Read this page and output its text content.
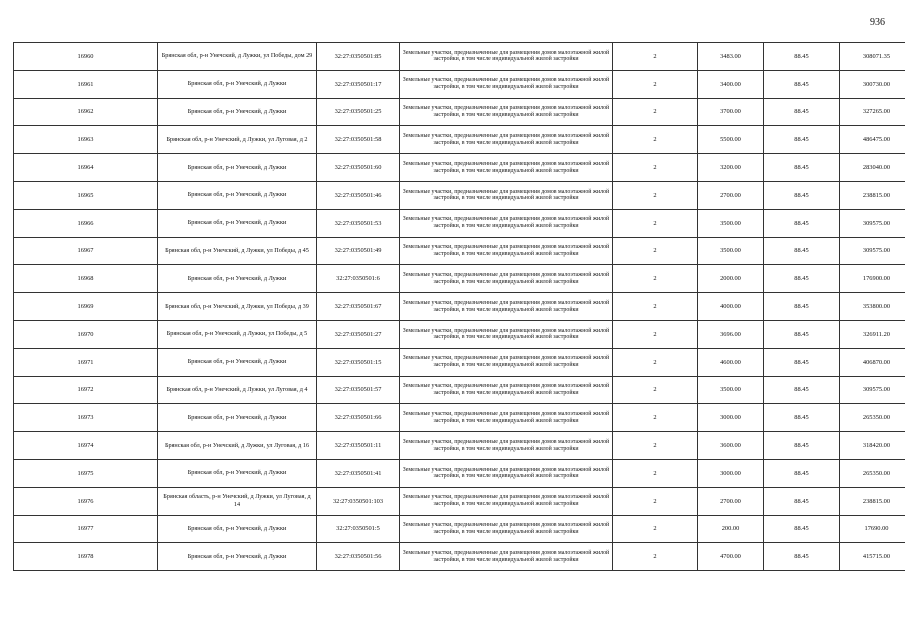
936
16960	Брянская обл, р-н Унечский, д Лужки, ул Победы, дом 29	32:27:0350501:85	Земельные участки, предназначенные для размещения домов малоэтажной жилой застройки, в том числе индивидуальной жилой застройки	2	3483.00	88.45	308071.35
16961	Брянская обл, р-н Унечский, д Лужки	32:27:0350501:17	Земельные участки, предназначенные для размещения домов малоэтажной жилой застройки, в том числе индивидуальной жилой застройки	2	3400.00	88.45	300730.00
16962	Брянская обл, р-н Унечский, д Лужки	32:27:0350501:25	Земельные участки, предназначенные для размещения домов малоэтажной жилой застройки, в том числе индивидуальной жилой застройки	2	3700.00	88.45	327265.00
16963	Брянская обл, р-н Унечский, д Лужки, ул Луговая, д 2	32:27:0350501:58	Земельные участки, предназначенные для размещения домов малоэтажной жилой застройки, в том числе индивидуальной жилой застройки	2	5500.00	88.45	486475.00
16964	Брянская обл, р-н Унечский, д Лужки	32:27:0350501:60	Земельные участки, предназначенные для размещения домов малоэтажной жилой застройки, в том числе индивидуальной жилой застройки	2	3200.00	88.45	283040.00
16965	Брянская обл, р-н Унечский, д Лужки	32:27:0350501:46	Земельные участки, предназначенные для размещения домов малоэтажной жилой застройки, в том числе индивидуальной жилой застройки	2	2700.00	88.45	238815.00
16966	Брянская обл, р-н Унечский, д Лужки	32:27:0350501:53	Земельные участки, предназначенные для размещения домов малоэтажной жилой застройки, в том числе индивидуальной жилой застройки	2	3500.00	88.45	309575.00
16967	Брянская обл, р-н Унечский, д Лужки, ул Победы, д 45	32:27:0350501:49	Земельные участки, предназначенные для размещения домов малоэтажной жилой застройки, в том числе индивидуальной жилой застройки	2	3500.00	88.45	309575.00
16968	Брянская обл, р-н Унечский, д Лужки	32:27:0350501:6	Земельные участки, предназначенные для размещения домов малоэтажной жилой застройки, в том числе индивидуальной жилой застройки	2	2000.00	88.45	176900.00
16969	Брянская обл, р-н Унечский, д Лужки, ул Победы, д 39	32:27:0350501:67	Земельные участки, предназначенные для размещения домов малоэтажной жилой застройки, в том числе индивидуальной жилой застройки	2	4000.00	88.45	353800.00
16970	Брянская обл, р-н Унечский, д Лужки, ул Победы, д 5	32:27:0350501:27	Земельные участки, предназначенные для размещения домов малоэтажной жилой застройки, в том числе индивидуальной жилой застройки	2	3696.00	88.45	326911.20
16971	Брянская обл, р-н Унечский, д Лужки	32:27:0350501:15	Земельные участки, предназначенные для размещения домов малоэтажной жилой застройки, в том числе индивидуальной жилой застройки	2	4600.00	88.45	406870.00
16972	Брянская обл, р-н Унечский, д Лужки, ул Луговая, д 4	32:27:0350501:57	Земельные участки, предназначенные для размещения домов малоэтажной жилой застройки, в том числе индивидуальной жилой застройки	2	3500.00	88.45	309575.00
16973	Брянская обл, р-н Унечский, д Лужки	32:27:0350501:66	Земельные участки, предназначенные для размещения домов малоэтажной жилой застройки, в том числе индивидуальной жилой застройки	2	3000.00	88.45	265350.00
16974	Брянская обл, р-н Унечский, д Лужки, ул Луговая, д 16	32:27:0350501:11	Земельные участки, предназначенные для размещения домов малоэтажной жилой застройки, в том числе индивидуальной жилой застройки	2	3600.00	88.45	318420.00
16975	Брянская обл, р-н Унечский, д Лужки	32:27:0350501:41	Земельные участки, предназначенные для размещения домов малоэтажной жилой застройки, в том числе индивидуальной жилой застройки	2	3000.00	88.45	265350.00
16976	Брянская область, р-н Унечский, д Лужки, ул Луговая, д 14	32:27:0350501:103	Земельные участки, предназначенные для размещения домов малоэтажной жилой застройки, в том числе индивидуальной жилой застройки	2	2700.00	88.45	238815.00
16977	Брянская обл, р-н Унечский, д Лужки	32:27:0350501:5	Земельные участки, предназначенные для размещения домов малоэтажной жилой застройки, в том числе индивидуальной жилой застройки	2	200.00	88.45	17690.00
16978	Брянская обл, р-н Унечский, д Лужки	32:27:0350501:56	Земельные участки, предназначенные для размещения домов малоэтажной жилой застройки, в том числе индивидуальной жилой застройки	2	4700.00	88.45	415715.00
